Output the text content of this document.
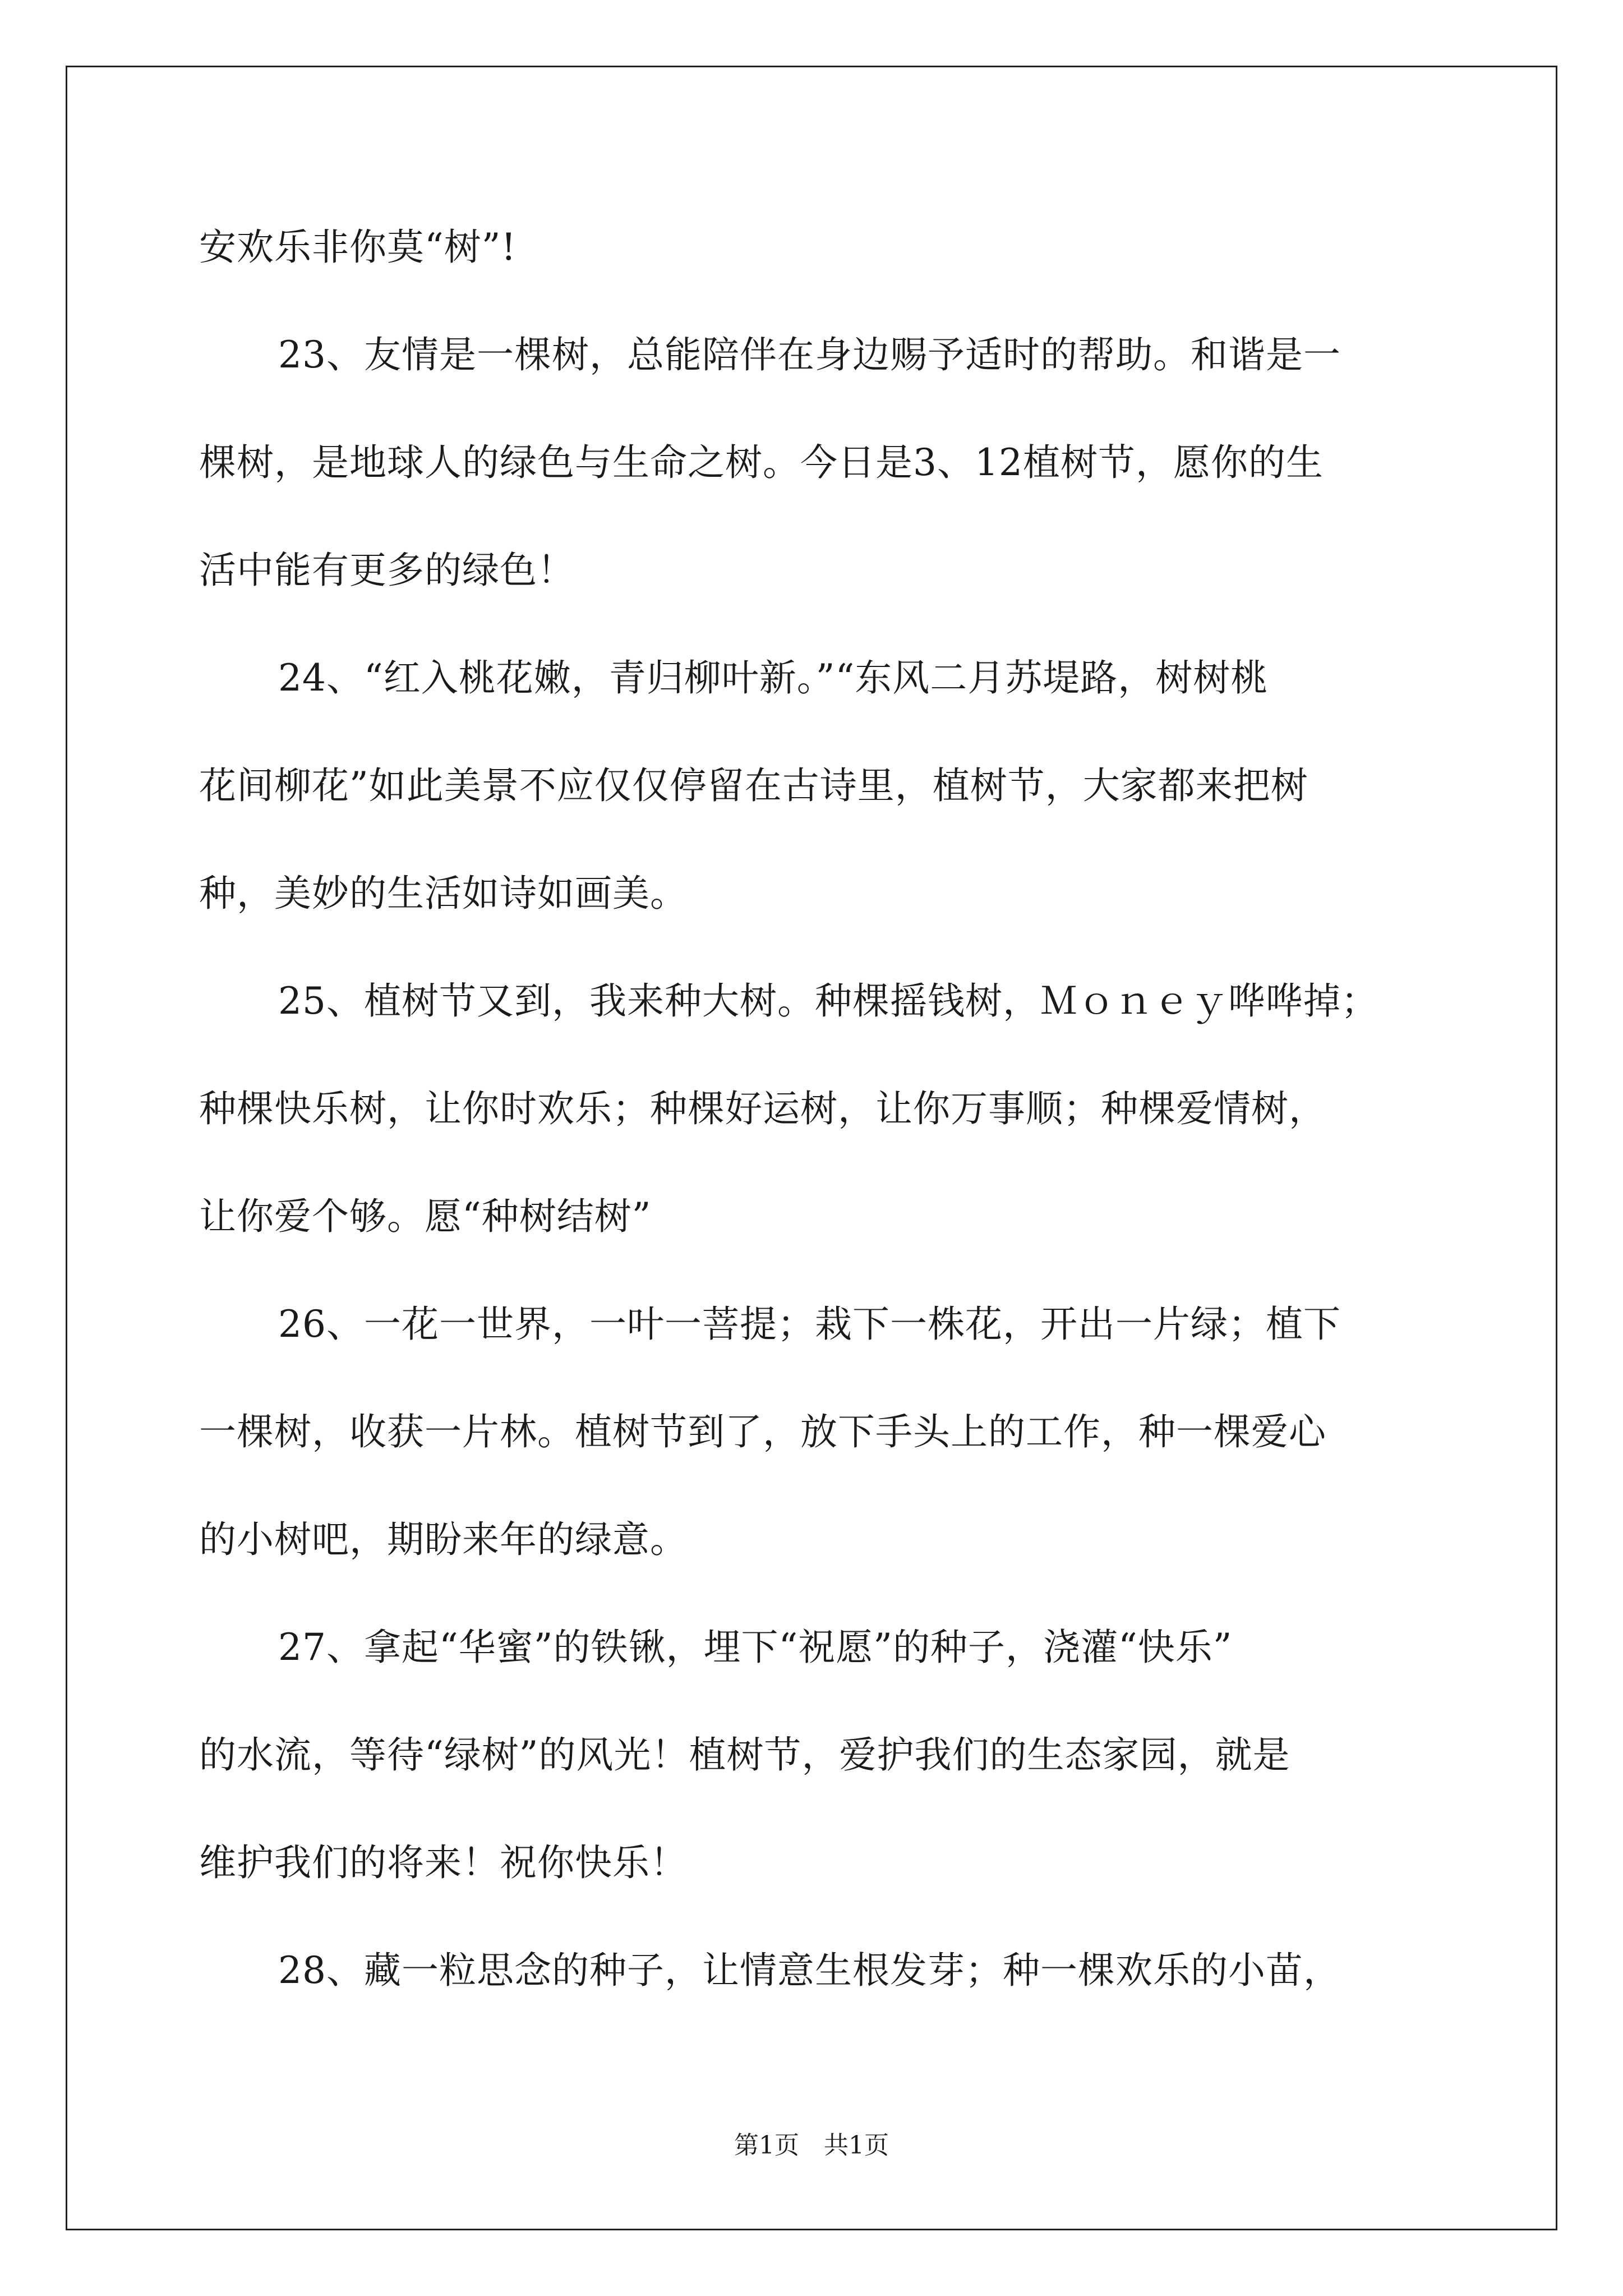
安欢乐非你莫“树”!
23、友情是一棵树，总能陪伴在身边赐予适时的帮助。和谐是一
棵树，是地球人的绿色与生命之树。今日是3、12植树节，愿你的生
活中能有更多的绿色！
24、“红入桃花嫩，青归柳叶新。”“东风二月苏堤路，树树桃
花间柳花”如此美景不应仅仅停留在古诗里，植树节，大家都来把树
种，美妙的生活如诗如画美。
25、植树节又到，我来种大树。种棵摇钱树，Ｍｏｎｅｙ哗哗掉；
种棵快乐树，让你时欢乐；种棵好运树，让你万事顺；种棵爱情树，
让你爱个够。愿“种树结树”
26、一花一世界，一叶一菩提；栽下一株花，开出一片绿；植下
一棵树，收获一片林。植树节到了，放下手头上的工作，种一棵爱心
的小树吧，期盼来年的绿意。
27、拿起“华蜜”的铁锹，埋下“祝愿”的种子，浇灌“快乐”
的水流，等待“绿树”的风光！植树节，爱护我们的生态家园，就是
维护我们的将来！祝你快乐！
28、藏一粒思念的种子，让情意生根发芽；种一棵欢乐的小苗，
第1页　共1页
